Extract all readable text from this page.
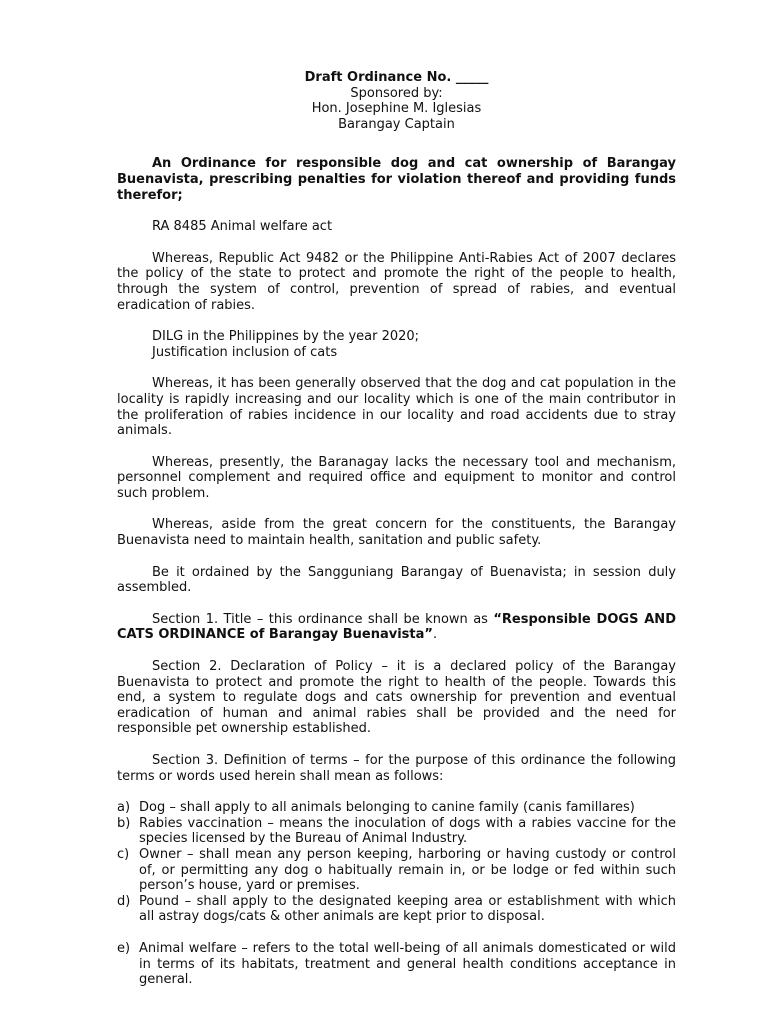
Draft Ordinance No. _____
Sponsored by:
Hon. Josephine M. Iglesias
Barangay Captain

An Ordinance for responsible dog and cat ownership of Barangay Buenavista, prescribing penalties for violation thereof and providing funds therefor;

RA 8485 Animal welfare act

Whereas, Republic Act 9482 or the Philippine Anti-Rabies Act of 2007 declares the policy of the state to protect and promote the right of the people to health, through the system of control, prevention of spread of rabies, and eventual eradication of rabies.

DILG in the Philippines by the year 2020;
Justification inclusion of cats

Whereas, it has been generally observed that the dog and cat population in the locality is rapidly increasing and our locality which is one of the main contributor in the proliferation of rabies incidence in our locality and road accidents due to stray animals.

Whereas, presently, the Baranagay lacks the necessary tool and mechanism, personnel complement and required office and equipment to monitor and control such problem.

Whereas, aside from the great concern for the constituents, the Barangay Buenavista need to maintain health, sanitation and public safety.

Be it ordained by the Sangguniang Barangay of Buenavista; in session duly assembled.

Section 1. Title – this ordinance shall be known as “Responsible DOGS AND CATS ORDINANCE of Barangay Buenavista”.

Section 2. Declaration of Policy – it is a declared policy of the Barangay Buenavista to protect and promote the right to health of the people. Towards this end, a system to regulate dogs and cats ownership for prevention and eventual eradication of human and animal rabies shall be provided and the need for responsible pet ownership established.

Section 3. Definition of terms – for the purpose of this ordinance the following terms or words used herein shall mean as follows:

a) Dog – shall apply to all animals belonging to canine family (canis famillares)
b) Rabies vaccination – means the inoculation of dogs with a rabies vaccine for the species licensed by the Bureau of Animal Industry.
c) Owner – shall mean any person keeping, harboring or having custody or control of, or permitting any dog o habitually remain in, or be lodge or fed within such person’s house, yard or premises.
d) Pound – shall apply to the designated keeping area or establishment with which all astray dogs/cats & other animals are kept prior to disposal.
e) Animal welfare – refers to the total well-being of all animals domesticated or wild in terms of its habitats, treatment and general health conditions acceptance in general.
